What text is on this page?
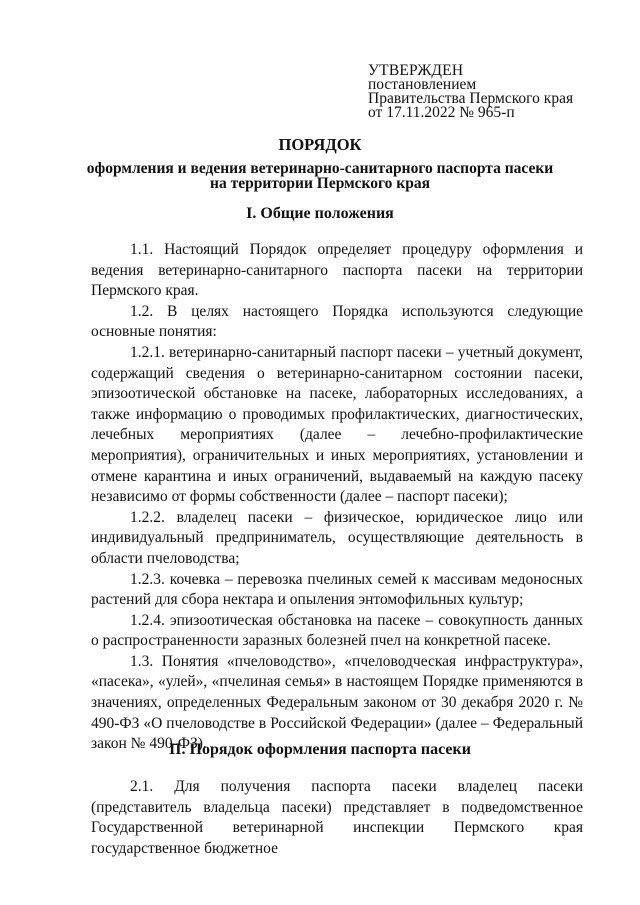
УТВЕРЖДЕН
постановлением
Правительства Пермского края
от 17.11.2022 № 965-п
ПОРЯДОК
оформления и ведения ветеринарно-санитарного паспорта пасеки
на территории Пермского края
I. Общие положения

1.1. Настоящий Порядок определяет процедуру оформления и ведения ветеринарно-санитарного паспорта пасеки на территории Пермского края.

1.2. В целях настоящего Порядка используются следующие основные понятия:

1.2.1. ветеринарно-санитарный паспорт пасеки – учетный документ, содержащий сведения о ветеринарно-санитарном состоянии пасеки, эпизоотической обстановке на пасеке, лабораторных исследованиях, а также информацию о проводимых профилактических, диагностических, лечебных мероприятиях (далее – лечебно-профилактические мероприятия), ограничительных и иных мероприятиях, установлении и отмене карантина и иных ограничений, выдаваемый на каждую пасеку независимо от формы собственности (далее – паспорт пасеки);

1.2.2. владелец пасеки – физическое, юридическое лицо или индивидуальный предприниматель, осуществляющие деятельность в области пчеловодства;

1.2.3. кочевка – перевозка пчелиных семей к массивам медоносных растений для сбора нектара и опыления энтомофильных культур;

1.2.4. эпизоотическая обстановка на пасеке – совокупность данных о распространенности заразных болезней пчел на конкретной пасеке.

1.3. Понятия «пчеловодство», «пчеловодческая инфраструктура», «пасека», «улей», «пчелиная семья» в настоящем Порядке применяются в значениях, определенных Федеральным законом от 30 декабря 2020 г. № 490-ФЗ «О пчеловодстве в Российской Федерации» (далее – Федеральный закон № 490-ФЗ).

II. Порядок оформления паспорта пасеки

2.1. Для получения паспорта пасеки владелец пасеки (представитель владельца пасеки) представляет в подведомственное Государственной ветеринарной инспекции Пермского края государственное бюджетное
